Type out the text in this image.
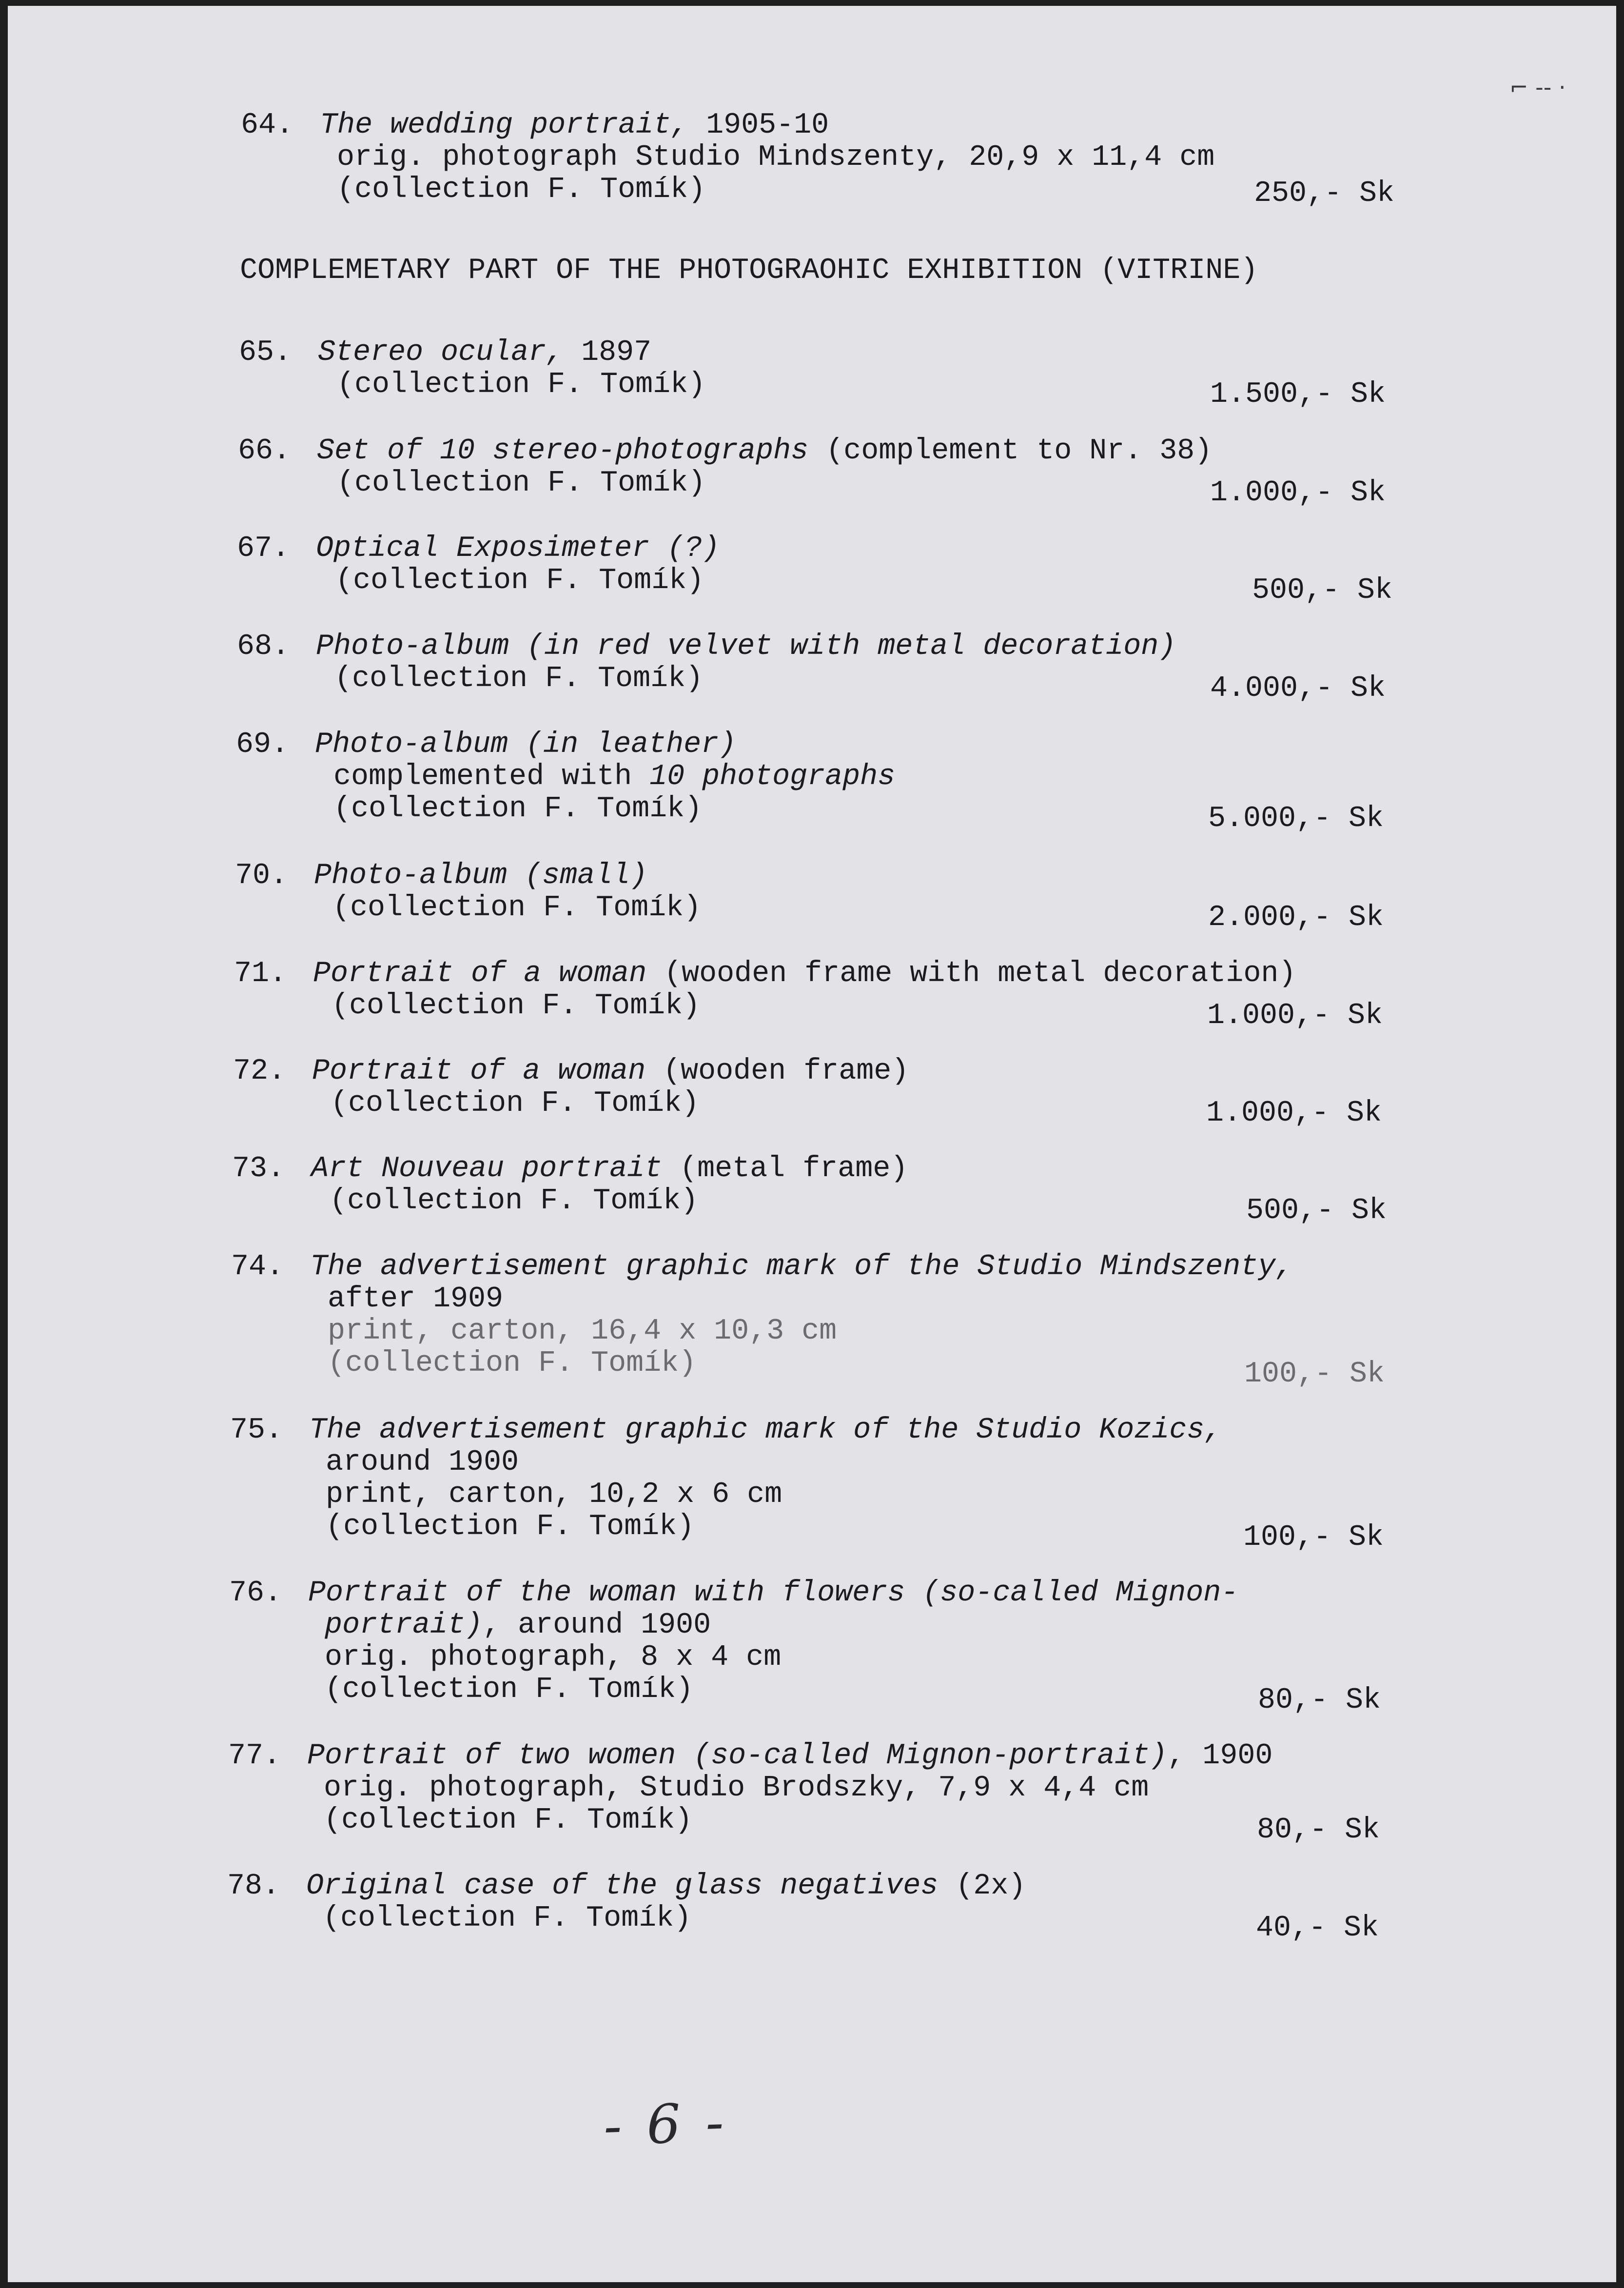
⌐ -- ·
COMPLEMETARY PART OF THE PHOTOGRAOHIC EXHIBITION (VITRINE)
64. The wedding portrait, 1905-10
orig. photograph Studio Mindszenty, 20,9 x 11,4 cm
(collection F. Tomík)	250,- Sk
65. Stereo ocular, 1897
(collection F. Tomík)	1.500,- Sk
66. Set of 10 stereo-photographs (complement to Nr. 38)
(collection F. Tomík)	1.000,- Sk
67. Optical Exposimeter (?)
(collection F. Tomík)	500,- Sk
68. Photo-album (in red velvet with metal decoration)
(collection F. Tomík)	4.000,- Sk
69. Photo-album (in leather)
complemented with 10 photographs
(collection F. Tomík)	5.000,- Sk
70. Photo-album (small)
(collection F. Tomík)	2.000,- Sk
71. Portrait of a woman (wooden frame with metal decoration)
(collection F. Tomík)	1.000,- Sk
72. Portrait of a woman (wooden frame)
(collection F. Tomík)	1.000,- Sk
73. Art Nouveau portrait (metal frame)
(collection F. Tomík)	500,- Sk
74. The advertisement graphic mark of the Studio Mindszenty,
after 1909
print, carton, 16,4 x 10,3 cm
(collection F. Tomík)	100,- Sk
75. The advertisement graphic mark of the Studio Kozics,
around 1900
print, carton, 10,2 x 6 cm
(collection F. Tomík)	100,- Sk
76. Portrait of the woman with flowers (so-called Mignon-
portrait), around 1900
orig. photograph, 8 x 4 cm
(collection F. Tomík)	80,- Sk
77. Portrait of two women (so-called Mignon-portrait), 1900
orig. photograph, Studio Brodszky, 7,9 x 4,4 cm
(collection F. Tomík)	80,- Sk
78. Original case of the glass negatives (2x)
(collection F. Tomík)	40,- Sk
- 6 -
